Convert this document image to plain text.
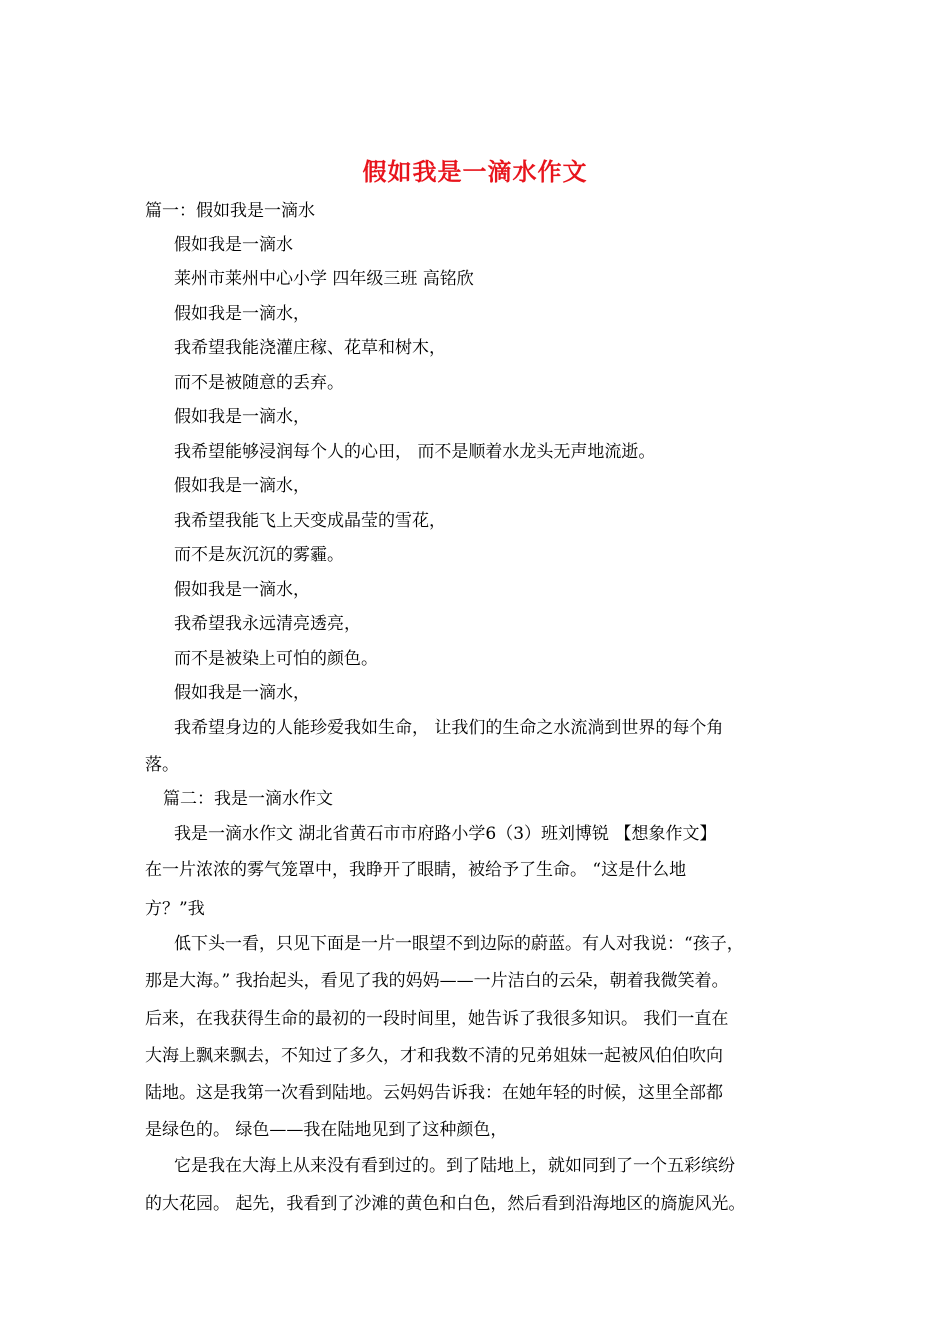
假如我是一滴水作文
篇一：假如我是一滴水
假如我是一滴水
莱州市莱州中心小学 四年级三班 高铭欣
假如我是一滴水，
我希望我能浇灌庄稼、花草和树木，
而不是被随意的丢弃。
假如我是一滴水，
我希望能够浸润每个人的心田， 而不是顺着水龙头无声地流逝。
假如我是一滴水，
我希望我能飞上天变成晶莹的雪花，
而不是灰沉沉的雾霾。
假如我是一滴水，
我希望我永远清亮透亮，
而不是被染上可怕的颜色。
假如我是一滴水，
我希望身边的人能珍爱我如生命， 让我们的生命之水流淌到世界的每个角
落。
篇二：我是一滴水作文
我是一滴水作文 湖北省黄石市市府路小学6（3）班刘博锐 【想象作文】
在一片浓浓的雾气笼罩中，我睁开了眼睛，被给予了生命。 “这是什么地
方？”我
低下头一看，只见下面是一片一眼望不到边际的蔚蓝。有人对我说：“孩子，
那是大海。” 我抬起头，看见了我的妈妈——一片洁白的云朵，朝着我微笑着。
后来，在我获得生命的最初的一段时间里，她告诉了我很多知识。 我们一直在
大海上飘来飘去，不知过了多久，才和我数不清的兄弟姐妹一起被风伯伯吹向
陆地。这是我第一次看到陆地。云妈妈告诉我：在她年轻的时候，这里全部都
是绿色的。 绿色——我在陆地见到了这种颜色，
它是我在大海上从来没有看到过的。到了陆地上，就如同到了一个五彩缤纷
的大花园。 起先，我看到了沙滩的黄色和白色，然后看到沿海地区的旖旎风光。
